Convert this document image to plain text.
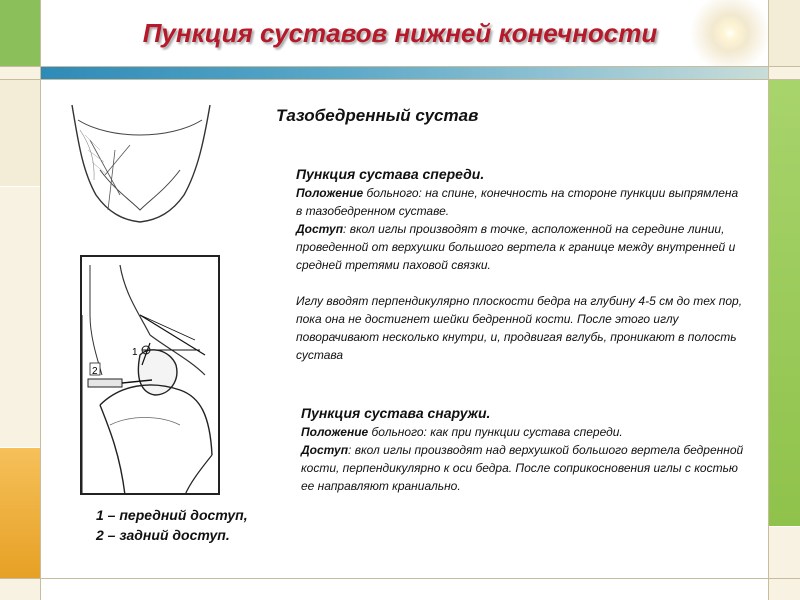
Пункция суставов нижней конечности
Тазобедренный сустав
2
1
Пункция сустава спереди.
Положение больного: на спине, конечность на стороне пункции выпрямлена в тазобедренном суставе.
Доступ: вкол иглы производят в точке, асположенной на середине линии, проведенной от верхушки большого вертела к границе между внутренней и средней третями паховой связки.
Иглу вводят перпендикулярно плоскости бедра на глубину 4-5 см до тех пор, пока она не достигнет шейки бедренной кости. После этого иглу поворачивают несколько кнутри, и, продвигая вглубь, проникают в полость сустава
Пункция сустава снаружи.
Положение больного: как при пункции сустава спереди.
Доступ: вкол иглы производят над верхушкой большого вертела бедренной кости, перпендикулярно к оси бедра. После соприкосновения иглы с костью ее направляют краниально.
1 – передний доступ,
2 – задний доступ.
